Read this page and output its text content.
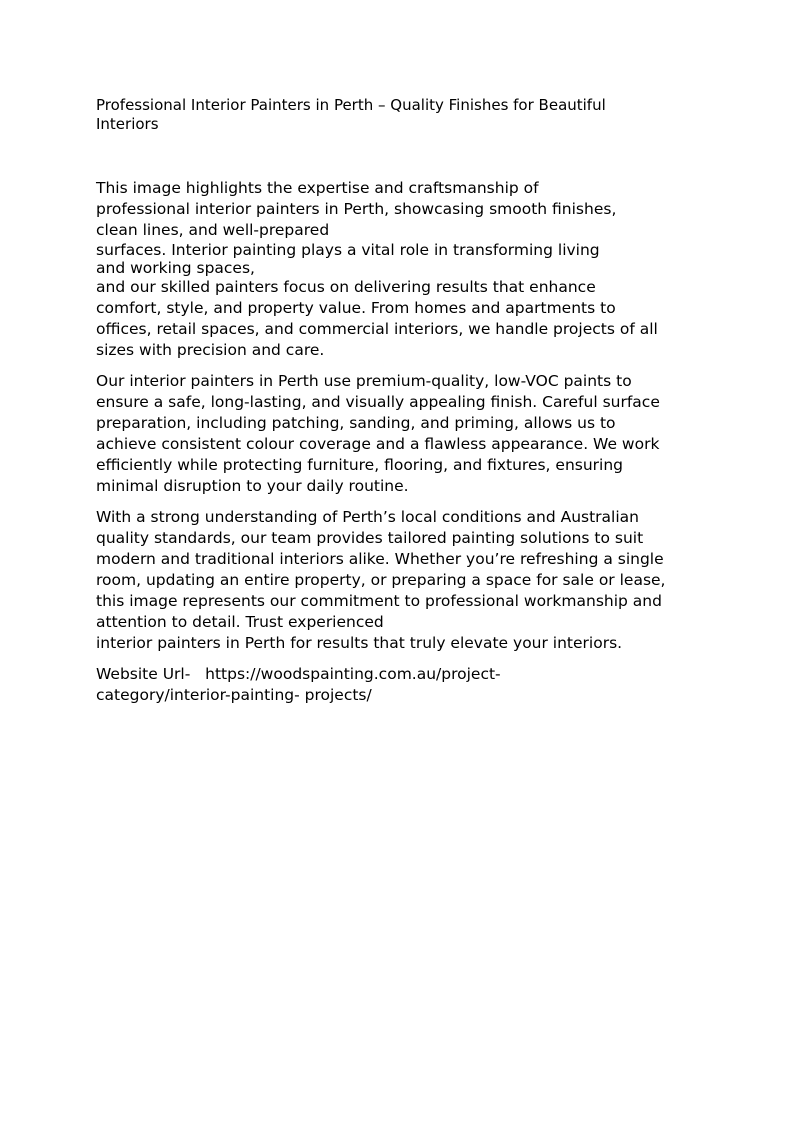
Professional Interior Painters in Perth – Quality Finishes for Beautiful
Interiors

This image highlights the expertise and craftsmanship of
professional interior painters in Perth, showcasing smooth finishes,
clean lines, and well-prepared
surfaces. Interior painting plays a vital role in transforming living
and working spaces,
and our skilled painters focus on delivering results that enhance
comfort, style, and property value. From homes and apartments to
offices, retail spaces, and commercial interiors, we handle projects of all
sizes with precision and care.

Our interior painters in Perth use premium-quality, low-VOC paints to
ensure a safe, long-lasting, and visually appealing finish. Careful surface
preparation, including patching, sanding, and priming, allows us to
achieve consistent colour coverage and a flawless appearance. We work
efficiently while protecting furniture, flooring, and fixtures, ensuring
minimal disruption to your daily routine.

With a strong understanding of Perth’s local conditions and Australian
quality standards, our team provides tailored painting solutions to suit
modern and traditional interiors alike. Whether you’re refreshing a single
room, updating an entire property, or preparing a space for sale or lease,
this image represents our commitment to professional workmanship and
attention to detail. Trust experienced
interior painters in Perth for results that truly elevate your interiors.

Website Url- https://woodspainting.com.au/project-
category/interior-painting- projects/
